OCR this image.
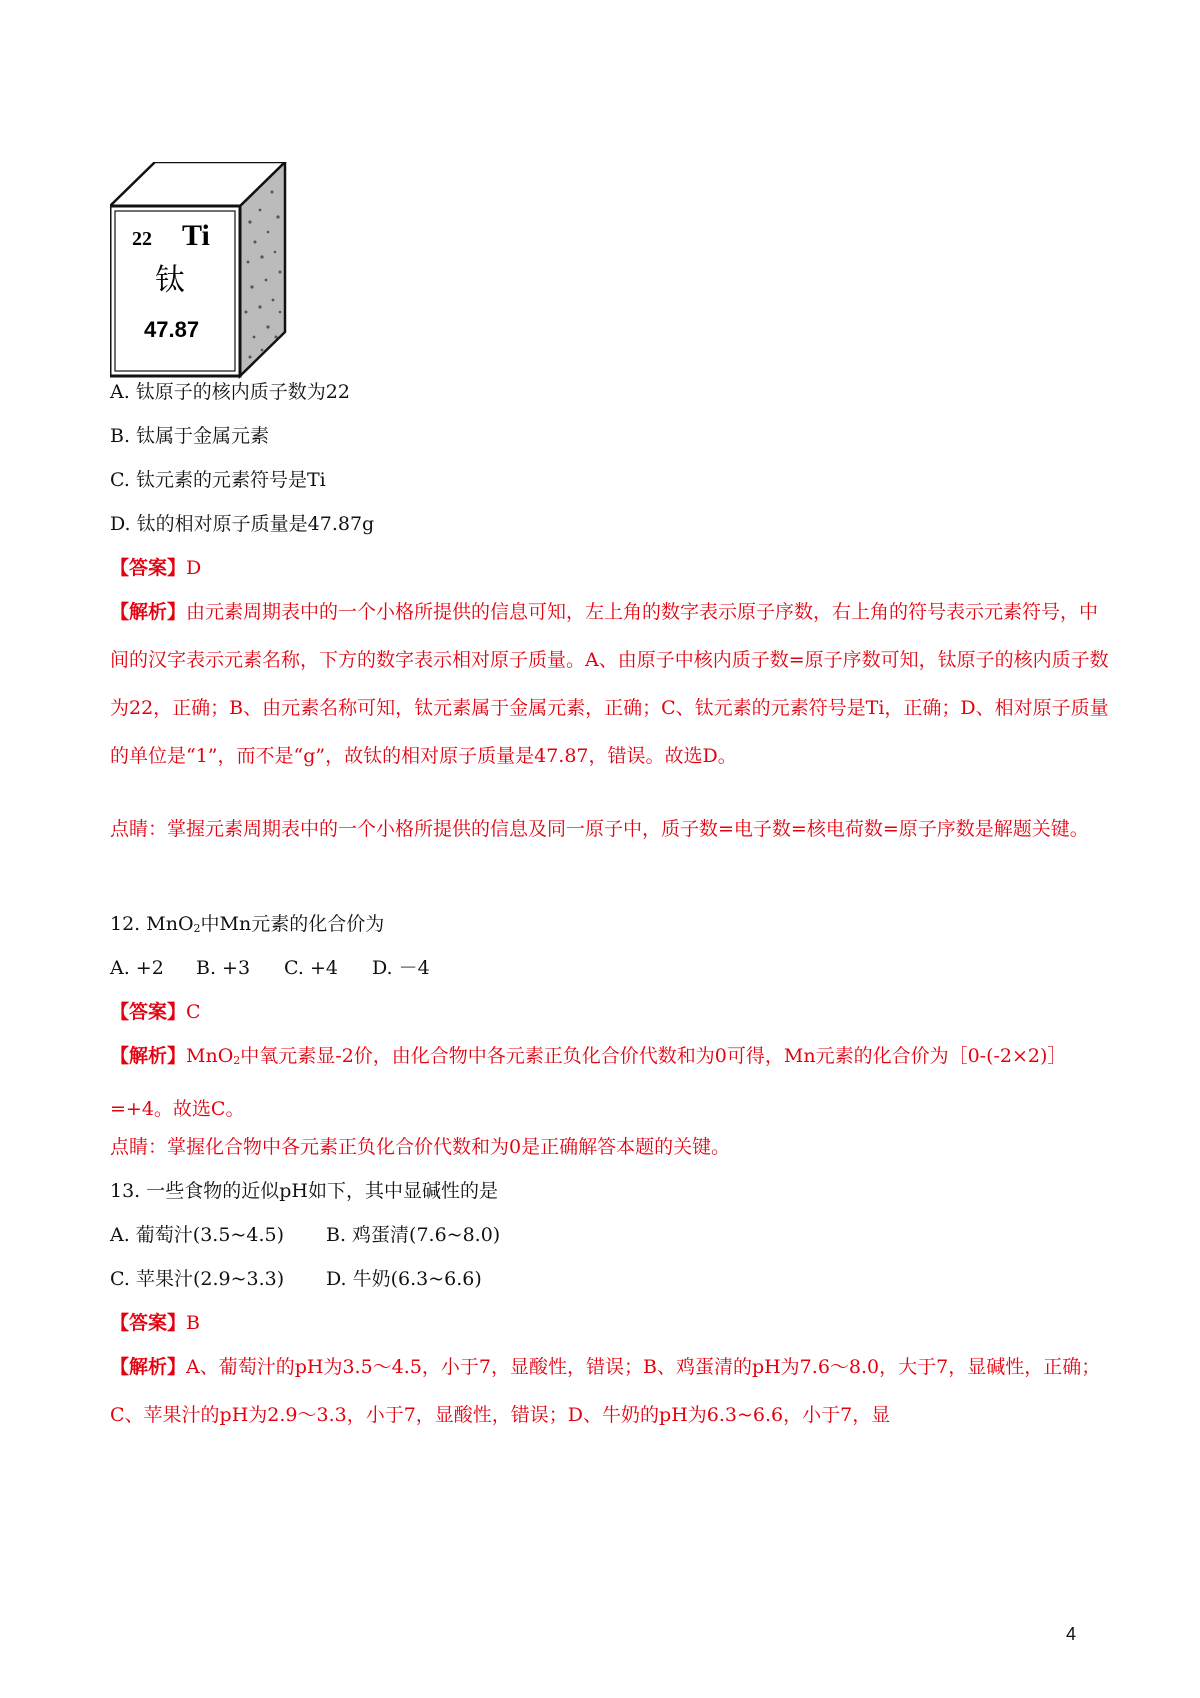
22 Ti
钛
47.87
A. 钛原子的核内质子数为22
B. 钛属于金属元素
C. 钛元素的元素符号是Ti
D. 钛的相对原子质量是47.87g
【答案】D
【解析】由元素周期表中的一个小格所提供的信息可知，左上角的数字表示原子序数，右上角的符号表示元素符号，中间的汉字表示元素名称，下方的数字表示相对原子质量。A、由原子中核内质子数=原子序数可知，钛原子的核内质子数为22，正确；B、由元素名称可知，钛元素属于金属元素，正确；C、钛元素的元素符号是Ti，正确；D、相对原子质量的单位是“1”，而不是“g”，故钛的相对原子质量是47.87，错误。故选D。
点睛：掌握元素周期表中的一个小格所提供的信息及同一原子中，质子数=电子数=核电荷数=原子序数是解题关键。
12. MnO$_2$中Mn元素的化合价为
A. +2 B. +3 C. +4 D. －4
【答案】C
【解析】MnO$_2$中氧元素显-2价，由化合物中各元素正负化合价代数和为0可得，Mn元素的化合价为［0-(-2×2)］=+4。故选C。
点睛：掌握化合物中各元素正负化合价代数和为0是正确解答本题的关键。
13. 一些食物的近似pH如下，其中显碱性的是
A. 葡萄汁(3.5~4.5) B. 鸡蛋清(7.6~8.0)
C. 苹果汁(2.9~3.3) D. 牛奶(6.3~6.6)
【答案】B
【解析】A、葡萄汁的pH为3.5～4.5，小于7，显酸性，错误；B、鸡蛋清的pH为7.6～8.0，大于7，显碱性，正确；C、苹果汁的pH为2.9～3.3，小于7，显酸性，错误；D、牛奶的pH为6.3~6.6，小于7，显
4
